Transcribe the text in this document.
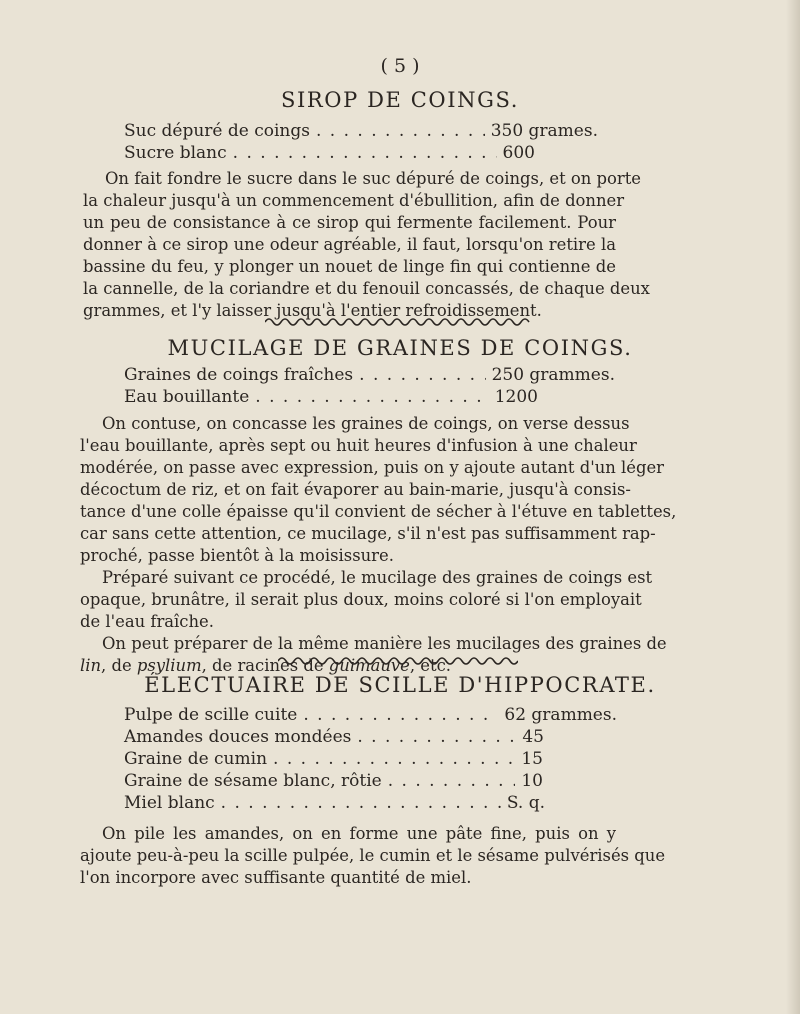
( 5 )
SIROP DE COINGS.
Suc dépuré de coings . . .	350 grames.
Sucre blanc . . .	600
On fait fondre le sucre dans le suc dépuré de coings, et on porte
la chaleur jusqu'à un commencement d'ébullition, afin de donner
un peu de consistance à ce sirop qui fermente facilement. Pour
donner à ce sirop une odeur agréable, il faut, lorsqu'on retire la
bassine du feu, y plonger un nouet de linge fin qui contienne de
la cannelle, de la coriandre et du fenouil concassés, de chaque deux
grammes, et l'y laisser jusqu'à l'entier refroidissement.
MUCILAGE DE GRAINES DE COINGS.
Graines de coings fraîches . . .	250 grammes.
Eau bouillante . . .	1200
On contuse, on concasse les graines de coings, on verse dessus
l'eau bouillante, après sept ou huit heures d'infusion à une chaleur
modérée, on passe avec expression, puis on y ajoute autant d'un léger
décoctum de riz, et on fait évaporer au bain-marie, jusqu'à consis-
tance d'une colle épaisse qu'il convient de sécher à l'étuve en tablettes,
car sans cette attention, ce mucilage, s'il n'est pas suffisamment rap-
proché, passe bientôt à la moisissure.
Préparé suivant ce procédé, le mucilage des graines de coings est
opaque, brunâtre, il serait plus doux, moins coloré si l'on employait
de l'eau fraîche.
On peut préparer de la même manière les mucilages des graines de
lin, de psylium, de racines de guimauve, etc.
ÉLECTUAIRE DE SCILLE D'HIPPOCRATE.
Pulpe de scille cuite . . .	62 grammes.
Amandes douces mondées . . .	45
Graine de cumin . . .	15
Graine de sésame blanc, rôtie . . .	10
Miel blanc . . .	S. q.
On pile les amandes, on en forme une pâte fine, puis on y
ajoute peu-à-peu la scille pulpée, le cumin et le sésame pulvérisés que
l'on incorpore avec suffisante quantité de miel.
